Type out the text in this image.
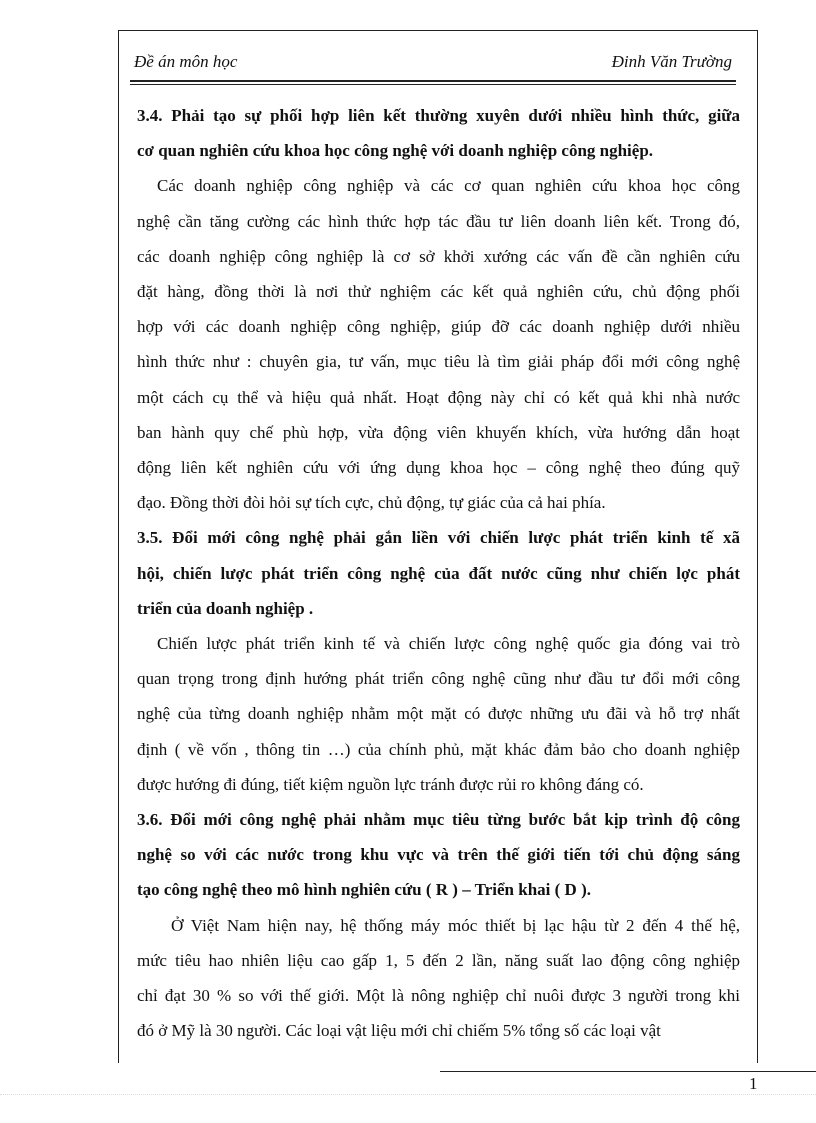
Đề án môn học	Đinh Văn Trường
3.4. Phải tạo sự phối hợp liên kết thường xuyên dưới nhiều hình thức, giữa
cơ quan nghiên cứu khoa học công nghệ với doanh nghiệp công nghiệp.
Các doanh nghiệp công nghiệp và các cơ quan nghiên cứu khoa học công
nghệ cần tăng cường các hình thức hợp tác đầu tư liên doanh liên kết. Trong đó,
các doanh nghiệp công nghiệp là cơ sở khởi xướng các vấn đề cần nghiên cứu
đặt hàng, đồng thời là nơi thử nghiệm các kết quả nghiên cứu, chủ động phối
hợp với các doanh nghiệp công nghiệp, giúp đỡ các doanh nghiệp dưới nhiều
hình thức như : chuyên gia, tư vấn, mục tiêu là tìm giải pháp đổi mới công nghệ
một cách cụ thể và hiệu quả nhất. Hoạt động này chỉ có kết quả khi nhà nước
ban hành quy chế phù hợp, vừa động viên khuyến khích, vừa hướng dẫn hoạt
động liên kết nghiên cứu với ứng dụng khoa học – công nghệ theo đúng quỹ
đạo. Đồng thời đòi hỏi sự tích cực, chủ động, tự giác của cả hai phía.
3.5. Đổi mới công nghệ phải gắn liền với chiến lược phát triển kinh tế xã
hội, chiến lược phát triển công nghệ của đất nước cũng như chiến lợc phát
triển của doanh nghiệp .
Chiến lược phát triển kinh tế và chiến lược công nghệ quốc gia đóng vai trò
quan trọng trong định hướng phát triển công nghệ cũng như đầu tư đổi mới công
nghệ của từng doanh nghiệp nhằm một mặt có được những ưu đãi và hỗ trợ nhất
định ( về vốn , thông tin …) của chính phủ, mặt khác đảm bảo cho doanh nghiệp
được hướng đi đúng, tiết kiệm nguồn lực tránh được rủi ro không đáng có.
3.6. Đổi mới công nghệ phải nhằm mục tiêu từng bước bắt kịp trình độ công
nghệ so với các nước trong khu vực và trên thế giới tiến tới chủ động sáng
tạo công nghệ theo mô hình nghiên cứu ( R ) – Triển khai ( D ).
Ở Việt Nam hiện nay, hệ thống máy móc thiết bị lạc hậu từ 2 đến 4 thế hệ,
mức tiêu hao nhiên liệu cao gấp 1, 5 đến 2 lần, năng suất lao động công nghiệp
chỉ đạt 30 % so với thế giới. Một là nông nghiệp chỉ nuôi được 3 người trong khi
đó ở Mỹ là 30 người. Các loại vật liệu mới chỉ chiếm 5% tổng số các loại vật
1
